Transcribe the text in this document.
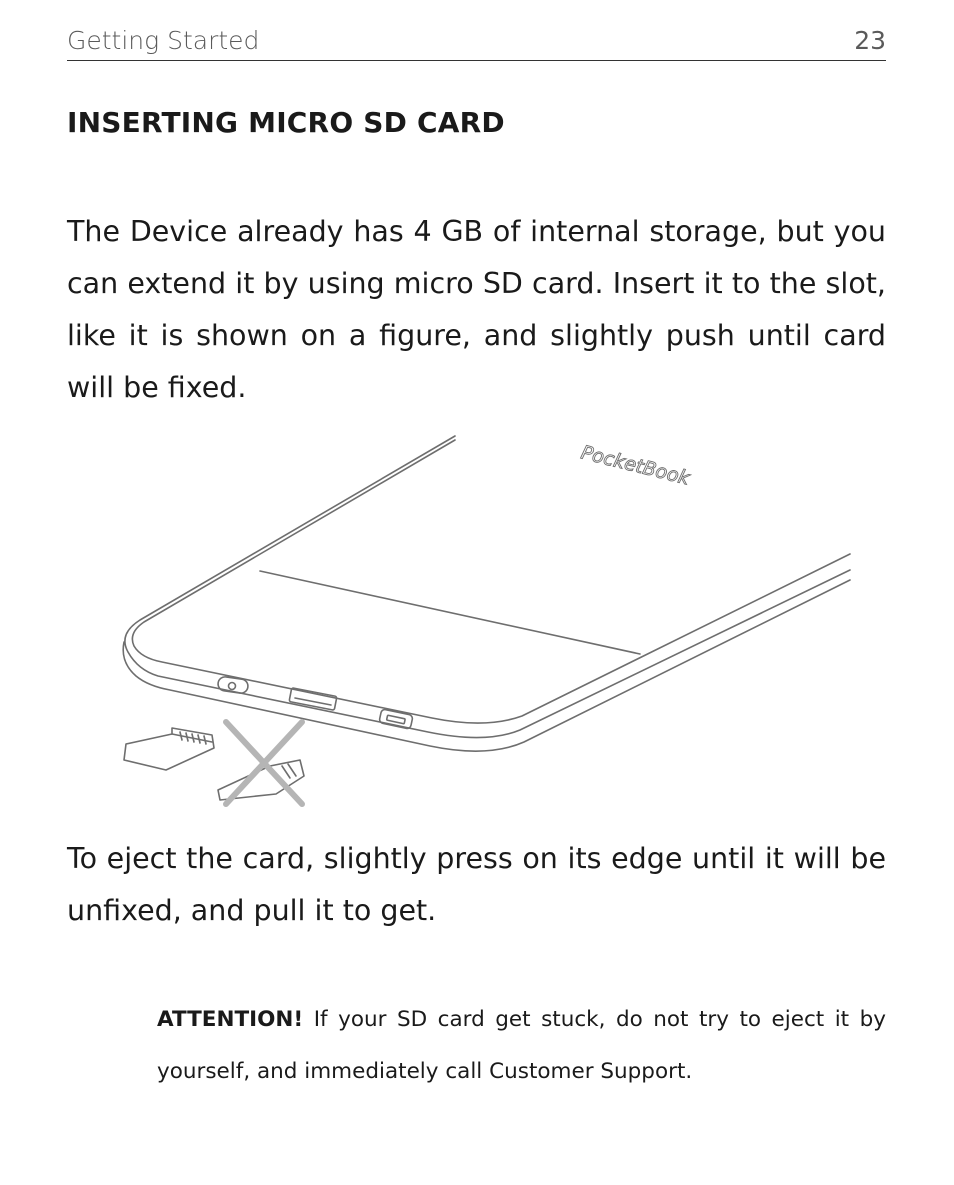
Getting Started	23
INSERTING MICRO SD CARD

The Device already has 4 GB of internal storage, but you can extend it by using micro SD card. Insert it to the slot, like it is shown on a figure, and slightly push until card will be fixed.

PocketBook

To eject the card, slightly press on its edge until it will be unfixed, and pull it to get.

ATTENTION! If your SD card get stuck, do not try to eject it by yourself, and immediately call Customer Support.
